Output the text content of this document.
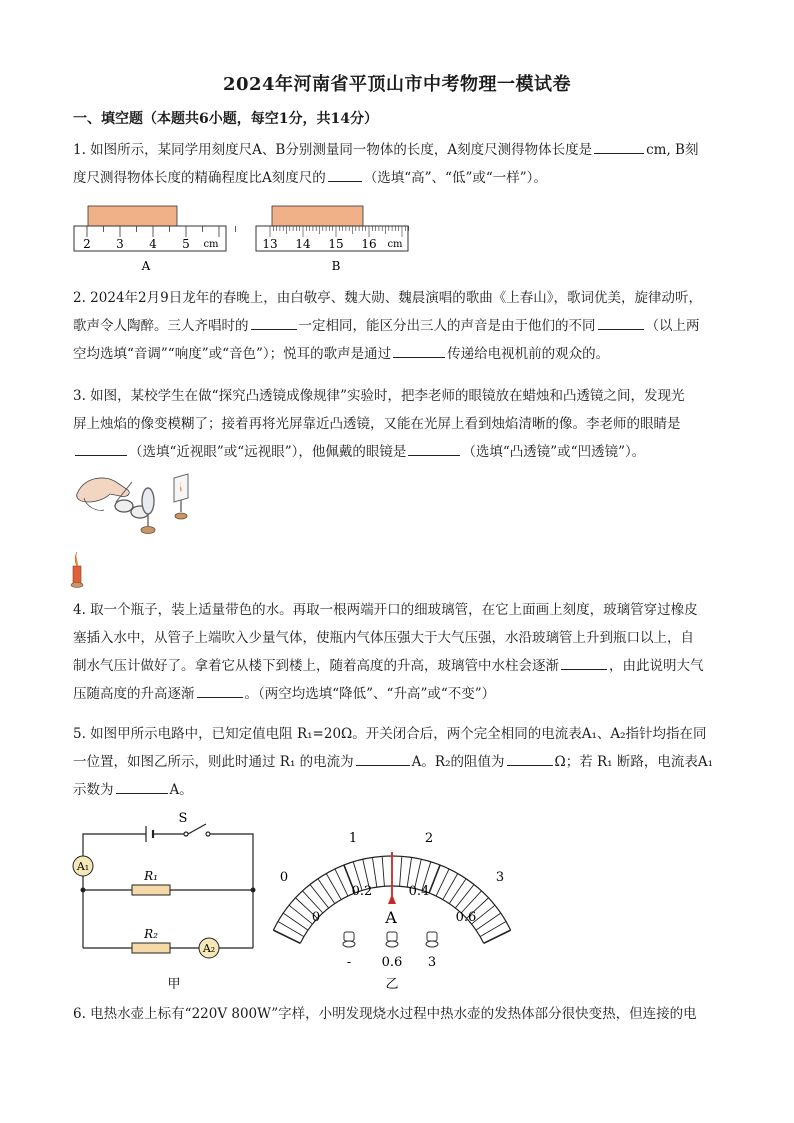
2024年河南省平顶山市中考物理一模试卷
一、填空题（本题共6小题，每空1分，共14分）
1. 如图所示，某同学用刻度尺A、B分别测量同一物体的长度，A刻度尺测得物体长度是	cm, B刻
度尺测得物体长度的精确程度比A刻度尺的	（选填“高”、“低”或“一样”）。
2 3 4 5 cm
A
13 14 15 16 cm
B
2. 2024年2月9日龙年的春晚上，由白敬亭、魏大勋、魏晨演唱的歌曲《上春山》，歌词优美，旋律动听，
歌声令人陶醉。三人齐唱时的	一定相同，能区分出三人的声音是由于他们的不同	（以上两
空均选填“音调”“响度”或“音色”）；悦耳的歌声是通过	传递给电视机前的观众的。
3. 如图，某校学生在做“探究凸透镜成像规律”实验时，把李老师的眼镜放在蜡烛和凸透镜之间，发现光
屏上烛焰的像变模糊了；接着再将光屏靠近凸透镜，又能在光屏上看到烛焰清晰的像。李老师的眼睛是
（选填“近视眼”或“远视眼”），他佩戴的眼镜是	（选填“凸透镜”或“凹透镜”）。
4. 取一个瓶子，装上适量带色的水。再取一根两端开口的细玻璃管，在它上面画上刻度，玻璃管穿过橡皮
塞插入水中，从管子上端吹入少量气体，使瓶内气体压强大于大气压强，水沿玻璃管上升到瓶口以上，自
制水气压计做好了。拿着它从楼下到楼上，随着高度的升高，玻璃管中水柱会逐渐	，由此说明大气
压随高度的升高逐渐	。（两空均选填“降低”、“升高”或“不变”）
5. 如图甲所示电路中，已知定值电阻 R₁=20Ω。开关闭合后，两个完全相同的电流表A₁、A₂指针均指在同
一位置，如图乙所示，则此时通过 R₁ 的电流为	A。R₂的阻值为	Ω；若 R₁ 断路，电流表A₁
示数为	A。
A₁
R₁
R₂
A₂
S
甲
0
1	2
3
0
0.2	0.4
0.6
A
- 0.6 3
乙
6. 电热水壶上标有“220V 800W”字样，小明发现烧水过程中热水壶的发热体部分很快变热，但连接的电
